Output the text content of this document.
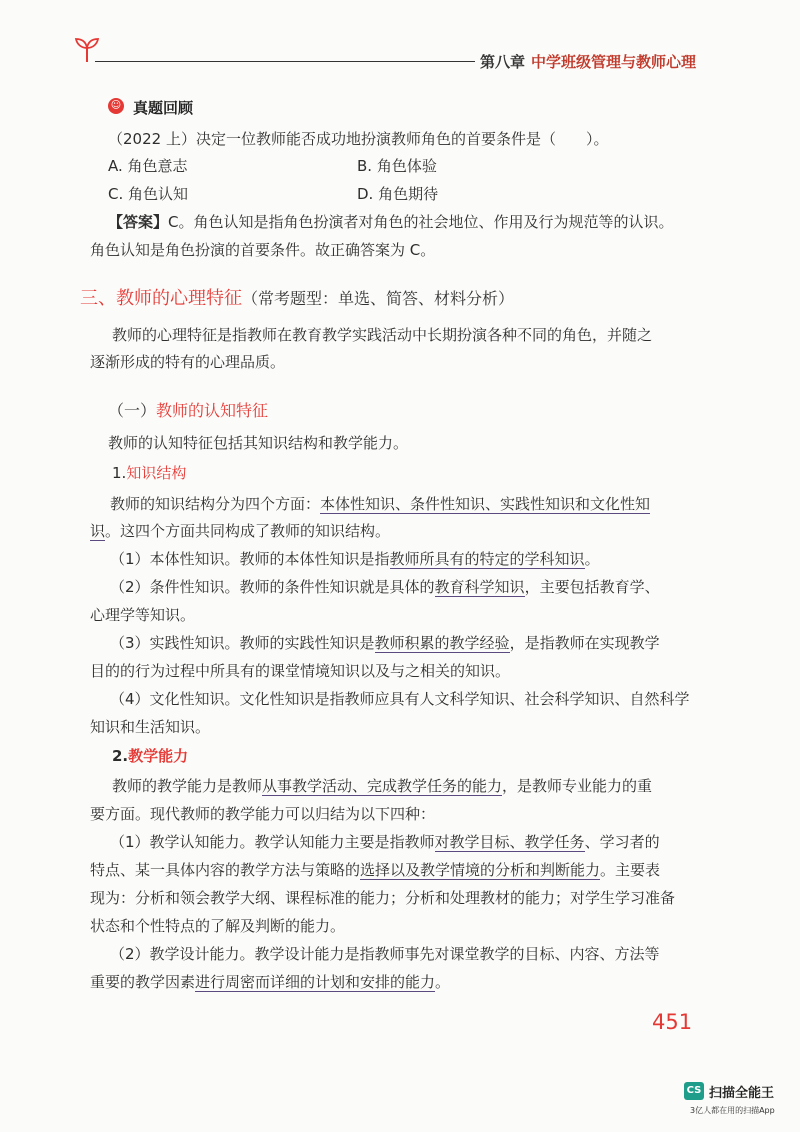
第八章 中学班级管理与教师心理
☺ 真题回顾
（2022 上）决定一位教师能否成功地扮演教师角色的首要条件是（　　）。
A. 角色意志	B. 角色体验
C. 角色认知	D. 角色期待
【答案】C。角色认知是指角色扮演者对角色的社会地位、作用及行为规范等的认识。
角色认知是角色扮演的首要条件。故正确答案为 C。
三、教师的心理特征（常考题型：单选、简答、材料分析）
教师的心理特征是指教师在教育教学实践活动中长期扮演各种不同的角色，并随之
逐渐形成的特有的心理品质。
（一）教师的认知特征
教师的认知特征包括其知识结构和教学能力。
1.知识结构
教师的知识结构分为四个方面：本体性知识、条件性知识、实践性知识和文化性知
识。这四个方面共同构成了教师的知识结构。
（1）本体性知识。教师的本体性知识是指教师所具有的特定的学科知识。
（2）条件性知识。教师的条件性知识就是具体的教育科学知识，主要包括教育学、
心理学等知识。
（3）实践性知识。教师的实践性知识是教师积累的教学经验，是指教师在实现教学
目的的行为过程中所具有的课堂情境知识以及与之相关的知识。
（4）文化性知识。文化性知识是指教师应具有人文科学知识、社会科学知识、自然科学
知识和生活知识。
2.教学能力
教师的教学能力是教师从事教学活动、完成教学任务的能力，是教师专业能力的重
要方面。现代教师的教学能力可以归结为以下四种：
（1）教学认知能力。教学认知能力主要是指教师对教学目标、教学任务、学习者的
特点、某一具体内容的教学方法与策略的选择以及教学情境的分析和判断能力。主要表
现为：分析和领会教学大纲、课程标准的能力；分析和处理教材的能力；对学生学习准备
状态和个性特点的了解及判断的能力。
（2）教学设计能力。教学设计能力是指教师事先对课堂教学的目标、内容、方法等
重要的教学因素进行周密而详细的计划和安排的能力。
451
CS 扫描全能王
3亿人都在用的扫描App
